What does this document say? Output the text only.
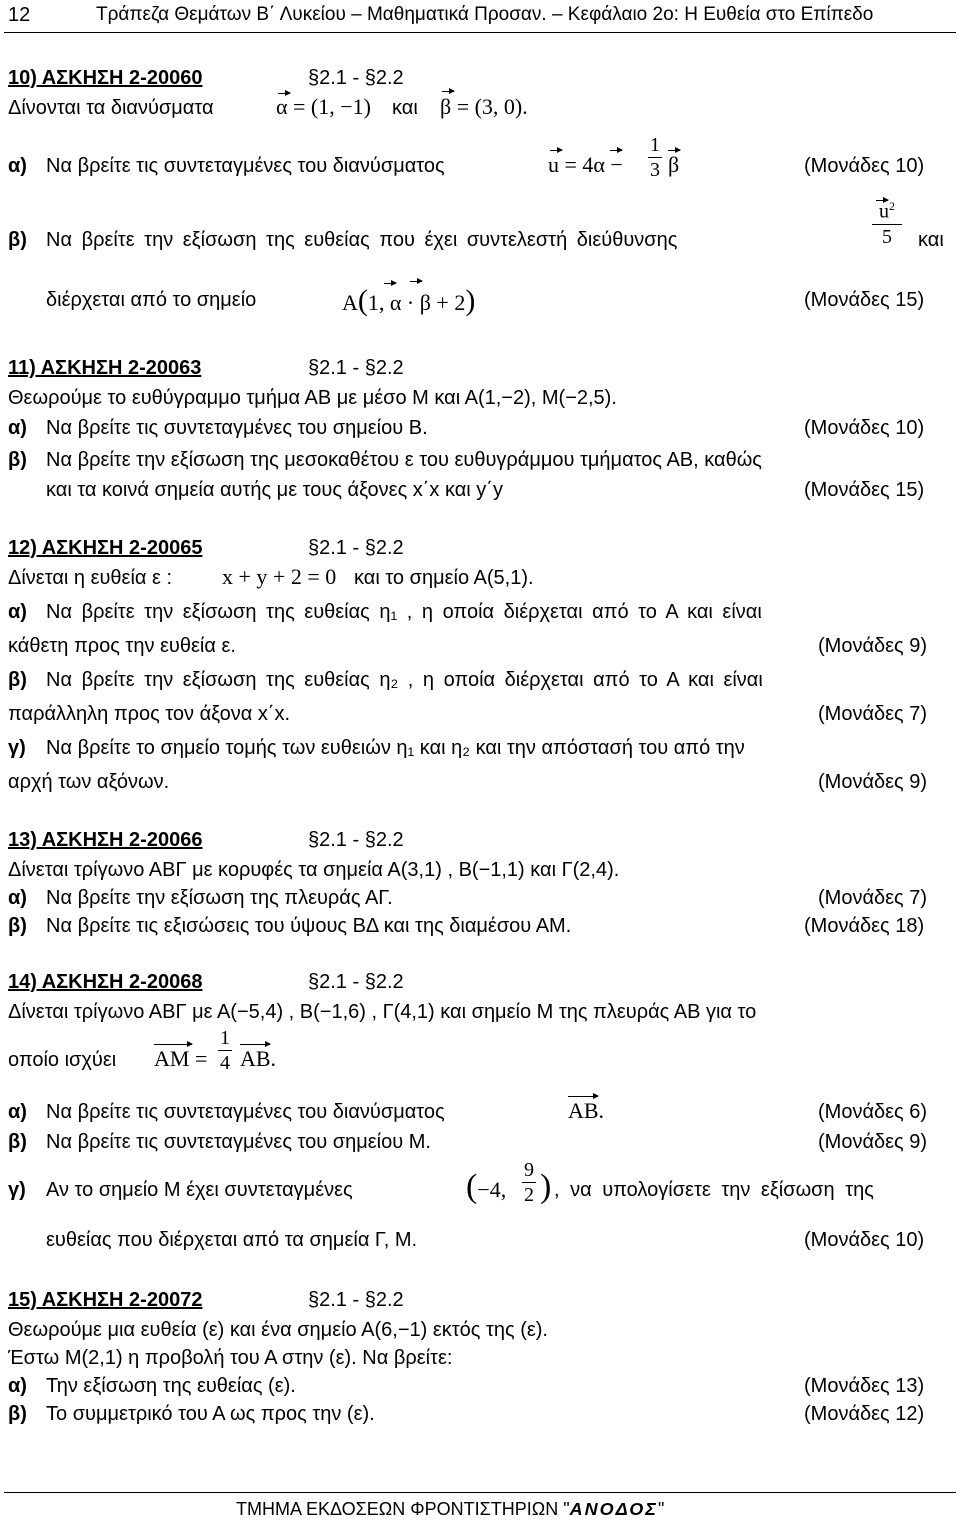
12	Τράπεζα Θεμάτων Β΄ Λυκείου – Μαθηματικά Προσαν. – Κεφάλαιο 2ο: Η Ευθεία στο Επίπεδο
10) ΑΣΚΗΣΗ 2-20060	§2.1 - §2.2
Δίνονται τα διανύσματα	α = (1, −1) και β = (3, 0).
α) Να βρείτε τις συντεταγμένες του διανύσματος	u = 4α −
1
3 β	(Μονάδες 10)
β) Να βρείτε την εξίσωση της ευθείας που έχει συντελεστή διεύθυνσης
$u^2$
5	και
διέρχεται από το σημείο	Α(1, α · β + 2)	(Μονάδες 15)
11) ΑΣΚΗΣΗ 2-20063	§2.1 - §2.2
Θεωρούμε το ευθύγραμμο τμήμα ΑΒ με μέσο Μ και Α(1,−2), Μ(−2,5).
α) Να βρείτε τις συντεταγμένες του σημείου Β.	(Μονάδες 10)
β) Να βρείτε την εξίσωση της μεσοκαθέτου ε του ευθυγράμμου τμήματος ΑΒ, καθώς
και τα κοινά σημεία αυτής με τους άξονες x΄x και y΄y	(Μονάδες 15)
12) ΑΣΚΗΣΗ 2-20065	§2.1 - §2.2
Δίνεται η ευθεία ε : x + y + 2 = 0 και το σημείο Α(5,1).
α) Να βρείτε την εξίσωση της ευθείας η₁ , η οποία διέρχεται από το Α και είναι
κάθετη προς την ευθεία ε.	(Μονάδες 9)
β) Να βρείτε την εξίσωση της ευθείας η₂ , η οποία διέρχεται από το Α και είναι
παράλληλη προς τον άξονα x΄x.	(Μονάδες 7)
γ) Να βρείτε το σημείο τομής των ευθειών η₁ και η₂ και την απόστασή του από την
αρχή των αξόνων.	(Μονάδες 9)
13) ΑΣΚΗΣΗ 2-20066	§2.1 - §2.2
Δίνεται τρίγωνο ΑΒΓ με κορυφές τα σημεία Α(3,1) , Β(−1,1) και Γ(2,4).
α) Να βρείτε την εξίσωση της πλευράς ΑΓ.	(Μονάδες 7)
β) Να βρείτε τις εξισώσεις του ύψους ΒΔ και της διαμέσου ΑΜ.	(Μονάδες 18)
14) ΑΣΚΗΣΗ 2-20068	§2.1 - §2.2
Δίνεται τρίγωνο ΑΒΓ με Α(−5,4) , Β(−1,6) , Γ(4,1) και σημείο Μ της πλευράς ΑΒ για το
οποίο ισχύει ΑΜ =
1
4 ΑΒ.
α) Να βρείτε τις συντεταγμένες του διανύσματος	ΑΒ.	(Μονάδες 6)
β) Να βρείτε τις συντεταγμένες του σημείου Μ.	(Μονάδες 9)
γ) Αν το σημείο Μ έχει συντεταγμένες	(−4,
9
2 ) , να υπολογίσετε την εξίσωση της
ευθείας που διέρχεται από τα σημεία Γ, Μ.	(Μονάδες 10)
15) ΑΣΚΗΣΗ 2-20072	§2.1 - §2.2
Θεωρούμε μια ευθεία (ε) και ένα σημείο Α(6,−1) εκτός της (ε).
Έστω Μ(2,1) η προβολή του Α στην (ε). Να βρείτε:
α) Την εξίσωση της ευθείας (ε).	(Μονάδες 13)
β) Το συμμετρικό του Α ως προς την (ε).	(Μονάδες 12)
ΤΜΗΜΑ ΕΚΔΟΣΕΩΝ ΦΡΟΝΤΙΣΤΗΡΙΩΝ "ΑΝΟΔΟΣ"
